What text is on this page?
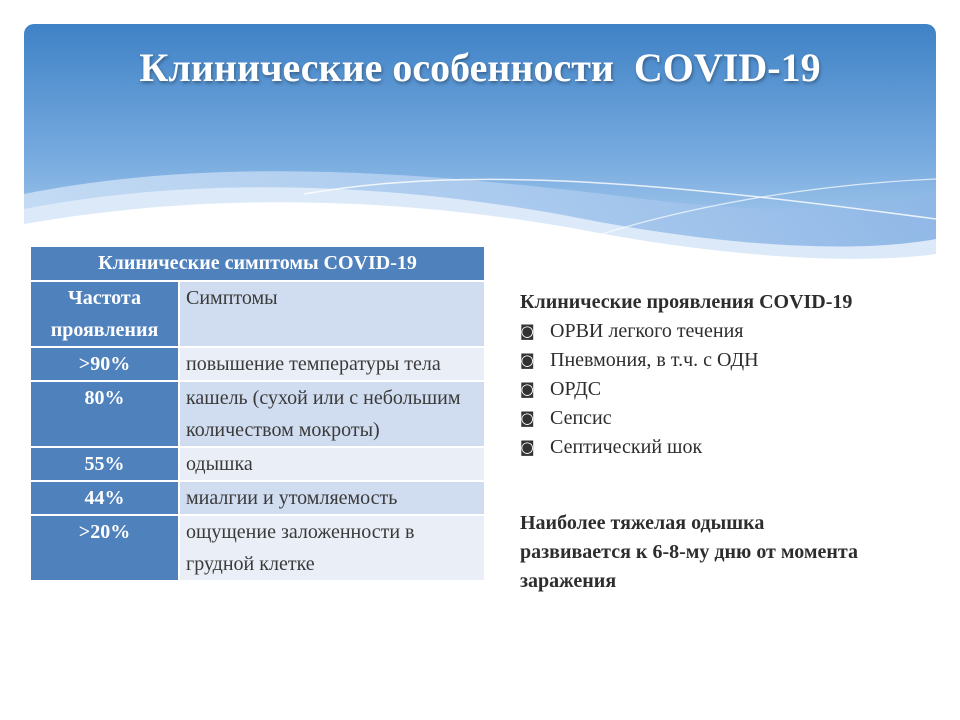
Клинические особенности  COVID-19
Клинические симптомы COVID-19	
Частота проявления	Симптомы
>90%	повышение температуры тела
80%	кашель (сухой или с небольшим количеством мокроты)
55%	одышка
44%	миалгии и утомляемость
>20%	ощущение заложенности в грудной клетке
Клинические проявления COVID-19
◙ ОРВИ легкого течения
◙ Пневмония, в т.ч. с ОДН
◙ ОРДС
◙ Сепсис
◙ Септический шок
Наиболее тяжелая одышка развивается к 6-8-му дню от момента заражения
